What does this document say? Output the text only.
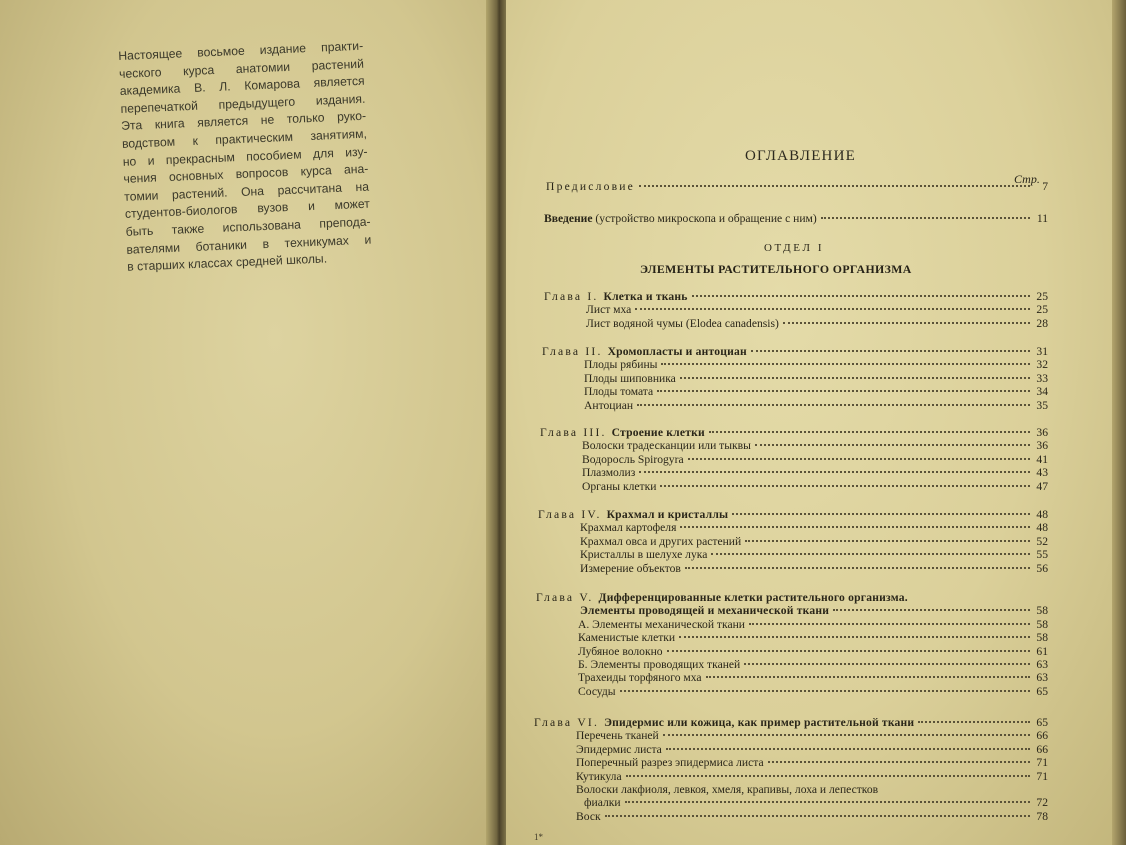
Настоящее восьмое издание практи-
ческого курса анатомии растений
академика В. Л. Комарова является
перепечаткой предыдущего издания.
Эта книга является не только руко-
водством к практическим занятиям,
но и прекрасным пособием для изу-
чения основных вопросов курса ана-
томии растений. Она рассчитана на
студентов-биологов вузов и может
быть также использована препода-
вателями ботаники в техникумах и
в старших классах средней школы.
ОГЛАВЛЕНИЕ
Стр.
Предисловие	7
Введение (устройство микроскопа и обращение с ним)	11
ОТДЕЛ I
ЭЛЕМЕНТЫ РАСТИТЕЛЬНОГО ОРГАНИЗМА
Глава I. Клетка и ткань	25
Лист мха	25
Лист водяной чумы (Elodea canadensis)	28
Глава II. Хромопласты и антоциан	31
Плоды рябины	32
Плоды шиповника	33
Плоды томата	34
Антоциан	35
Глава III. Строение клетки	36
Волоски традесканции или тыквы	36
Водоросль Spirogyra	41
Плазмолиз	43
Органы клетки	47
Глава IV. Крахмал и кристаллы	48
Крахмал картофеля	48
Крахмал овса и других растений	52
Кристаллы в шелухе лука	55
Измерение объектов	56
Глава V. Дифференцированные клетки растительного организма.
Элементы проводящей и механической ткани	58
А. Элементы механической ткани	58
Каменистые клетки	58
Лубяное волокно	61
Б. Элементы проводящих тканей	63
Трахеиды торфяного мха	63
Сосуды	65
Глава VI. Эпидермис или кожица, как пример растительной ткани	65
Перечень тканей	66
Эпидермис листа	66
Поперечный разрез эпидермиса листа	71
Кутикула	71
Волоски лакфиоля, левкоя, хмеля, крапивы, лоха и лепестков
фиалки	72
Воск	78
1*
